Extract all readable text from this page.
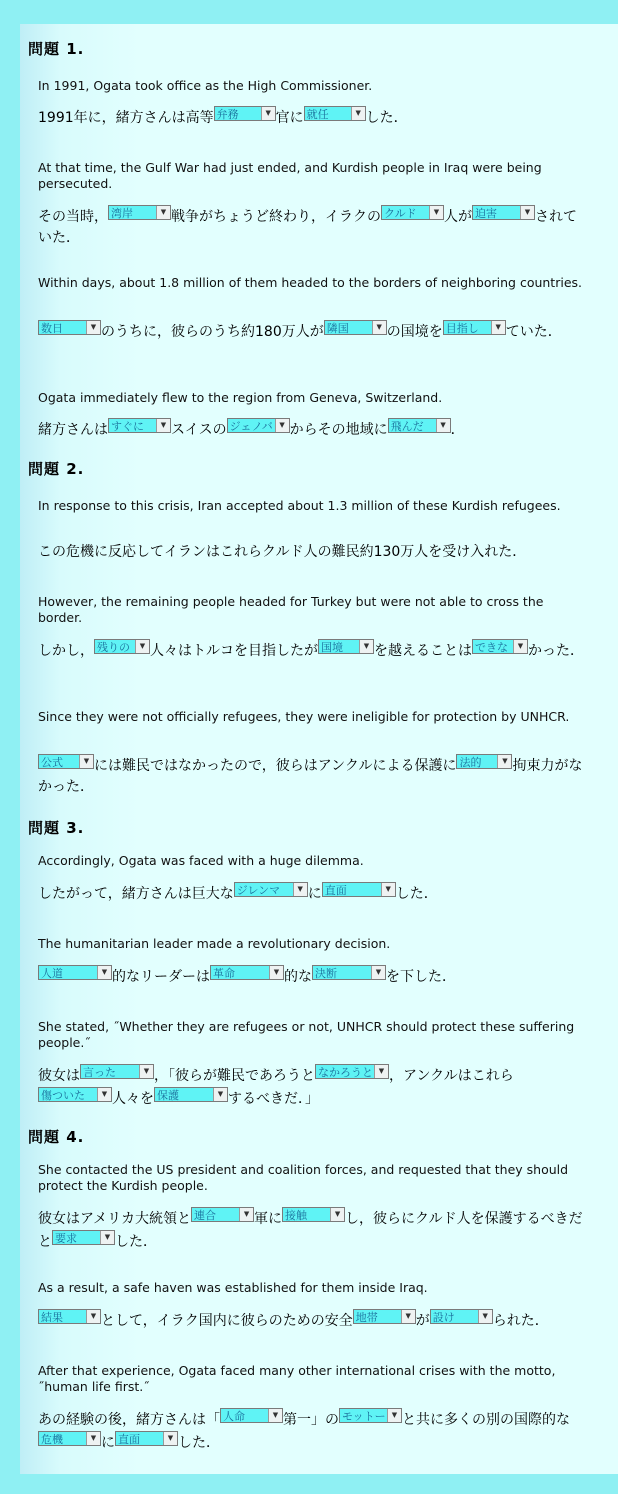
問題 1.
In 1991, Ogata took office as the High Commissioner.
1991年に，緒方さんは高等 弁務	▼ 官に 就任	▼ した．
At that time, the Gulf War had just ended, and Kurdish people in Iraq were being persecuted.
その当時， 湾岸	▼ 戦争がちょうど終わり，イラクの クルド	▼ 人が 迫害	▼ されていた．
Within days, about 1.8 million of them headed to the borders of neighboring countries.
数日	▼ のうちに，彼らのうち約180万人が 隣国	▼ の国境を 目指し	▼ ていた．
Ogata immediately flew to the region from Geneva, Switzerland.
緒方さんは すぐに	▼ スイスの ジェノバ ▼ からその地域に 飛んだ	▼ ．
問題 2.
In response to this crisis, Iran accepted about 1.3 million of these Kurdish refugees.
この危機に反応してイランはこれらクルド人の難民約130万人を受け入れた．
However, the remaining people headed for Turkey but were not able to cross the border.
しかし， 残りの	▼ 人々はトルコを目指したが 国境	▼ を越えることは できな	▼ かった．
Since they were not officially refugees, they were ineligible for protection by UNHCR.
公式	▼ には難民ではなかったので，彼らはアンクルによる保護に 法的	▼ 拘束力がなかった．
問題 3.
Accordingly, Ogata was faced with a huge dilemma.
したがって，緒方さんは巨大な ジレンマ	▼ に 直面	▼ した．
The humanitarian leader made a revolutionary decision.
人道	▼ 的なリーダーは 革命	▼ 的な 決断	▼ を下した．
She stated, ˝Whether they are refugees or not, UNHCR should protect these suffering people.˝
彼女は 言った	▼ ，「彼らが難民であろうと なかろうと ▼ ，アンクルはこれら傷ついた	▼ 人々を 保護	▼ するべきだ．」
問題 4.
She contacted the US president and coalition forces, and requested that they should protect the Kurdish people.
彼女はアメリカ大統領と 連合	▼ 軍に 接触	▼ し，彼らにクルド人を保護するべきだと 要求	▼ した．
As a result, a safe haven was established for them inside Iraq.
結果	▼ として，イラク国内に彼らのための安全 地帯	▼ が 設け	▼ られた．
After that experience, Ogata faced many other international crises with the motto, ˝human life first.˝
あの経験の後，緒方さんは「 人命	▼ 第一」の モットー ▼ と共に多くの別の国際的な危機	▼ に 直面	▼ した．
